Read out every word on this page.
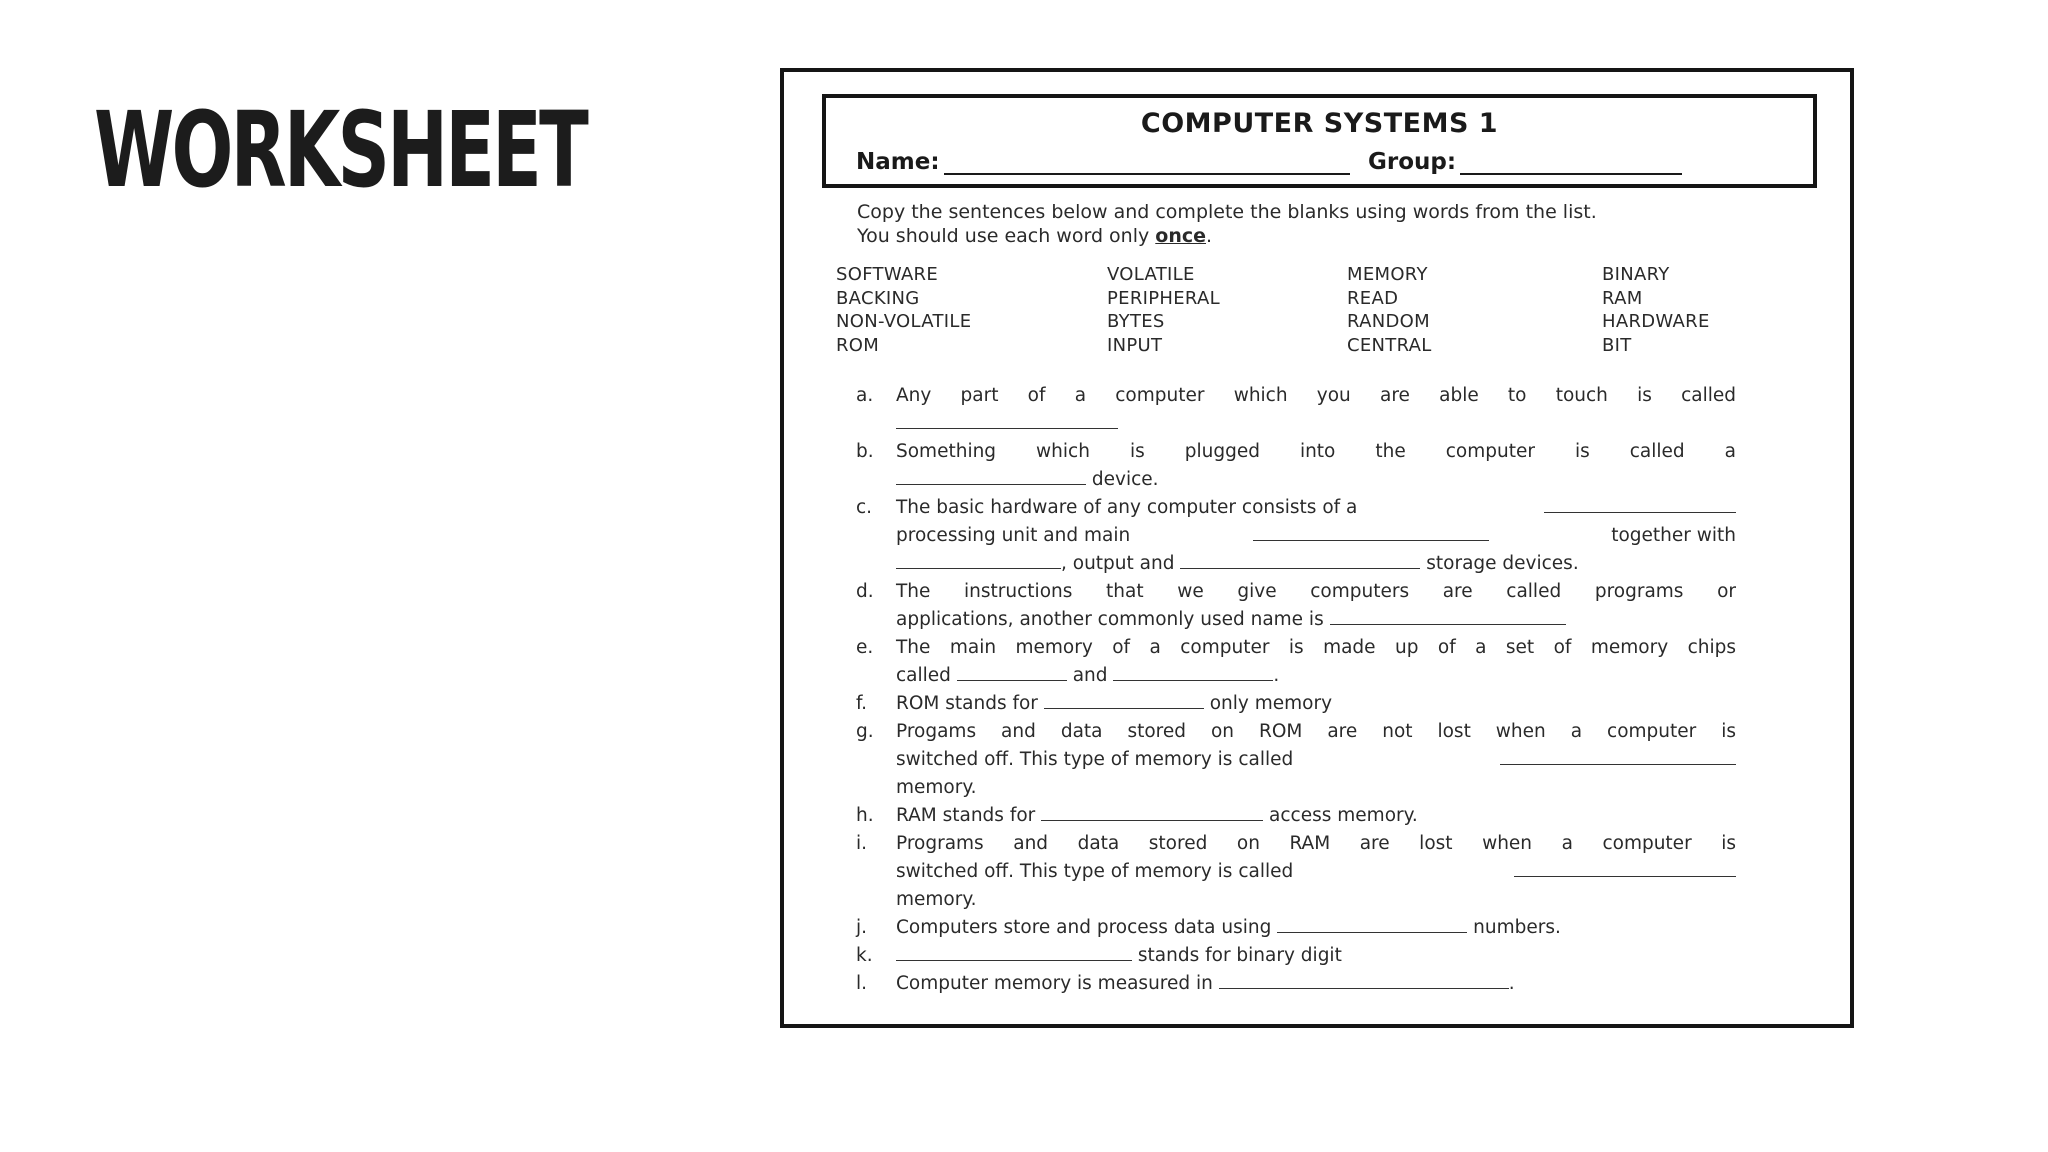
WORKSHEET	COMPUTER SYSTEMS 1
Name:	Group:
Copy the sentences below and complete the blanks using words from the list.
You should use each word only once.
SOFTWARE	VOLATILE	MEMORY	BINARY
BACKING	PERIPHERAL	READ	RAM
NON-VOLATILE	BYTES	RANDOM	HARDWARE
ROM	INPUT	CENTRAL	BIT
a. Any part of a computer which you are able to touch is called
b. Something which is plugged into the computer is called a
device.
c. The basic hardware of any computer consists of a
processing unit and main	together with
, output and	storage devices.
d. The instructions that we give computers are called programs or
applications, another commonly used name is
e. The main memory of a computer is made up of a set of memory chips
called	and	.
f. ROM stands for	only memory
g. Progams and data stored on ROM are not lost when a computer is
switched off. This type of memory is called
memory.
h. RAM stands for	access memory.
i. Programs and data stored on RAM are lost when a computer is
switched off. This type of memory is called
memory.
j. Computers store and process data using	numbers.
k.	stands for binary digit
l. Computer memory is measured in	.
